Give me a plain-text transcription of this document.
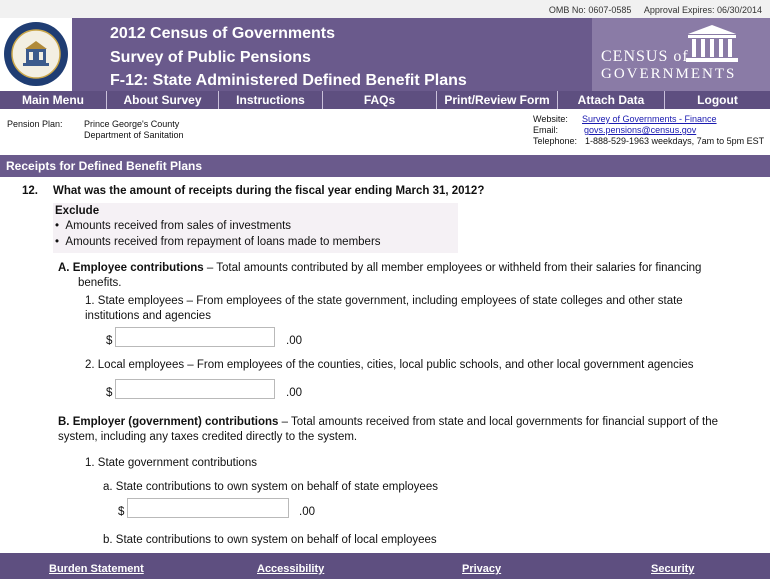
OMB No: 0607-0585 Approval Expires: 06/30/2014
2012 Census of Governments
Survey of Public Pensions
F-12: State Administered Defined Benefit Plans
CENSUS of
GOVERNMENTS
Main Menu	About Survey	Instructions	FAQs	Print/Review Form	Attach Data	Logout
Pension Plan: Prince George's County
Department of Sanitation
Website: Survey of Governments - Finance
Email:	govs.pensions@census.gov
Telephone: 1-888-529-1963 weekdays, 7am to 5pm EST
Receipts for Defined Benefit Plans
12. What was the amount of receipts during the fiscal year ending March 31, 2012?
Exclude
•  Amounts received from sales of investments
•  Amounts received from repayment of loans made to members
A. Employee contributions – Total amounts contributed by all member employees or withheld from their salaries for financing
benefits.
1. State employees – From employees of the state government, including employees of state colleges and other state
institutions and agencies
$	.00
2. Local employees – From employees of the counties, cities, local public schools, and other local government agencies
$	.00
B. Employer (government) contributions – Total amounts received from state and local governments for financial support of the
system, including any taxes credited directly to the system.
1. State government contributions
a. State contributions to own system on behalf of state employees
$	.00
b. State contributions to own system on behalf of local employees
Burden Statement	Accessibility	Privacy	Security
